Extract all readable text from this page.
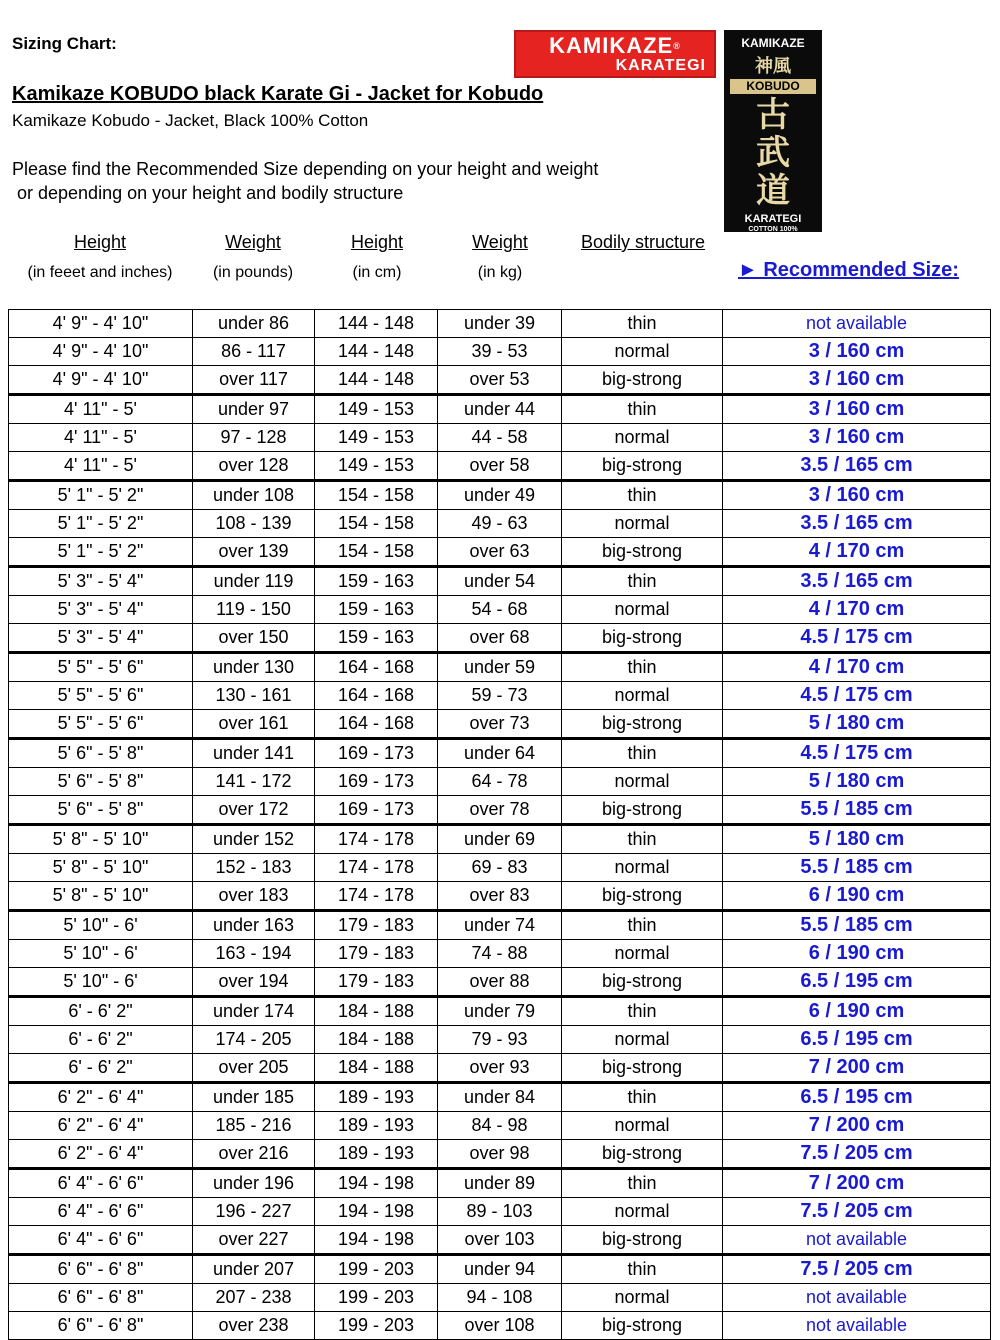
Sizing Chart:
Kamikaze KOBUDO black Karate Gi - Jacket for Kobudo
Kamikaze Kobudo - Jacket, Black 100% Cotton
Please find the Recommended Size depending on your height and weight
or depending on your height and bodily structure
KAMIKAZE®
KARATEGI
KAMIKAZE
神風
KOBUDO
古
武
道
KARATEGI
COTTON 100%
Height
(in feeet and inches)
Weight
(in pounds)
Height
(in cm)
Weight
(in kg)
Bodily structure
► Recommended Size:
4' 9" - 4' 10"	under 86	144 - 148	under 39	thin	not available
4' 9" - 4' 10"	86 - 117	144 - 148	39 - 53	normal	3 / 160 cm
4' 9" - 4' 10"	over 117	144 - 148	over 53	big-strong	3 / 160 cm
4' 11" - 5'	under 97	149 - 153	under 44	thin	3 / 160 cm
4' 11" - 5'	97 - 128	149 - 153	44 - 58	normal	3 / 160 cm
4' 11" - 5'	over 128	149 - 153	over 58	big-strong	3.5 / 165 cm
5' 1" - 5' 2"	under 108	154 - 158	under 49	thin	3 / 160 cm
5' 1" - 5' 2"	108 - 139	154 - 158	49 - 63	normal	3.5 / 165 cm
5' 1" - 5' 2"	over 139	154 - 158	over 63	big-strong	4 / 170 cm
5' 3" - 5' 4"	under 119	159 - 163	under 54	thin	3.5 / 165 cm
5' 3" - 5' 4"	119 - 150	159 - 163	54 - 68	normal	4 / 170 cm
5' 3" - 5' 4"	over 150	159 - 163	over 68	big-strong	4.5 / 175 cm
5' 5" - 5' 6"	under 130	164 - 168	under 59	thin	4 / 170 cm
5' 5" - 5' 6"	130 - 161	164 - 168	59 - 73	normal	4.5 / 175 cm
5' 5" - 5' 6"	over 161	164 - 168	over 73	big-strong	5 / 180 cm
5' 6" - 5' 8"	under 141	169 - 173	under 64	thin	4.5 / 175 cm
5' 6" - 5' 8"	141 - 172	169 - 173	64 - 78	normal	5 / 180 cm
5' 6" - 5' 8"	over 172	169 - 173	over 78	big-strong	5.5 / 185 cm
5' 8" - 5' 10"	under 152	174 - 178	under 69	thin	5 / 180 cm
5' 8" - 5' 10"	152 - 183	174 - 178	69 - 83	normal	5.5 / 185 cm
5' 8" - 5' 10"	over 183	174 - 178	over 83	big-strong	6 / 190 cm
5' 10" - 6'	under 163	179 - 183	under 74	thin	5.5 / 185 cm
5' 10" - 6'	163 - 194	179 - 183	74 - 88	normal	6 / 190 cm
5' 10" - 6'	over 194	179 - 183	over 88	big-strong	6.5 / 195 cm
6' - 6' 2"	under 174	184 - 188	under 79	thin	6 / 190 cm
6' - 6' 2"	174 - 205	184 - 188	79 - 93	normal	6.5 / 195 cm
6' - 6' 2"	over 205	184 - 188	over 93	big-strong	7 / 200 cm
6' 2" - 6' 4"	under 185	189 - 193	under 84	thin	6.5 / 195 cm
6' 2" - 6' 4"	185 - 216	189 - 193	84 - 98	normal	7 / 200 cm
6' 2" - 6' 4"	over 216	189 - 193	over 98	big-strong	7.5 / 205 cm
6' 4" - 6' 6"	under 196	194 - 198	under 89	thin	7 / 200 cm
6' 4" - 6' 6"	196 - 227	194 - 198	89 - 103	normal	7.5 / 205 cm
6' 4" - 6' 6"	over 227	194 - 198	over 103	big-strong	not available
6' 6" - 6' 8"	under 207	199 - 203	under 94	thin	7.5 / 205 cm
6' 6" - 6' 8"	207 - 238	199 - 203	94 - 108	normal	not available
6' 6" - 6' 8"	over 238	199 - 203	over 108	big-strong	not available
